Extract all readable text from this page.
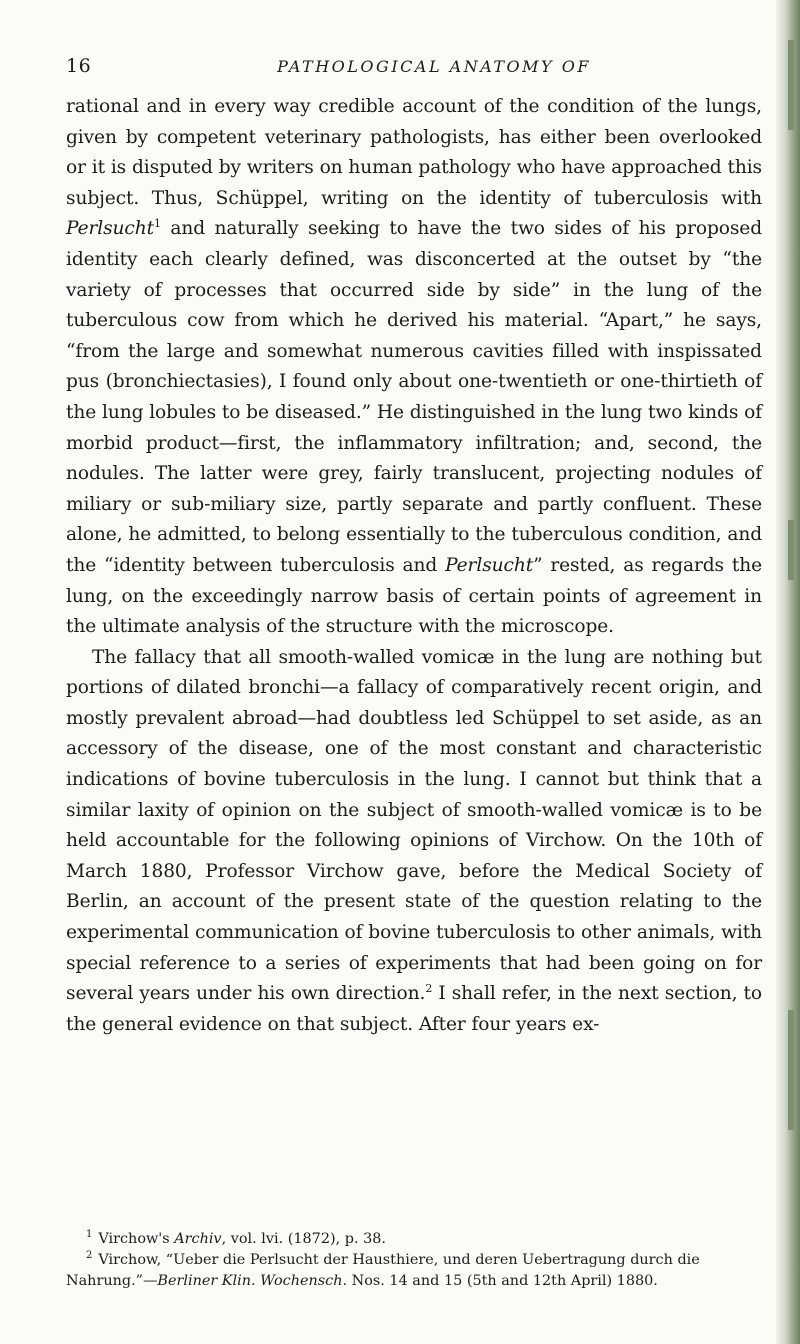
16	PATHOLOGICAL ANATOMY OF

rational and in every way credible account of the condition of the lungs, given by competent veterinary pathologists, has either been overlooked or it is disputed by writers on human pathology who have approached this subject. Thus, Schüppel, writing on the identity of tuberculosis with Perlsucht$^1$ and naturally seeking to have the two sides of his proposed identity each clearly defined, was disconcerted at the outset by “the variety of processes that occurred side by side” in the lung of the tuberculous cow from which he derived his material. “Apart,” he says, “from the large and somewhat numerous cavities filled with inspissated pus (bronchiectasies), I found only about one-twentieth or one-thirtieth of the lung lobules to be diseased.” He distinguished in the lung two kinds of morbid product—first, the inflammatory infiltration; and, second, the nodules. The latter were grey, fairly translucent, projecting nodules of miliary or sub-miliary size, partly separate and partly confluent. These alone, he admitted, to belong essentially to the tuberculous condition, and the “identity between tuberculosis and Perlsucht” rested, as regards the lung, on the exceedingly narrow basis of certain points of agreement in the ultimate analysis of the structure with the microscope.

The fallacy that all smooth-walled vomicæ in the lung are nothing but portions of dilated bronchi—a fallacy of comparatively recent origin, and mostly prevalent abroad—had doubtless led Schüppel to set aside, as an accessory of the disease, one of the most constant and characteristic indications of bovine tuberculosis in the lung. I cannot but think that a similar laxity of opinion on the subject of smooth-walled vomicæ is to be held accountable for the following opinions of Virchow. On the 10th of March 1880, Professor Virchow gave, before the Medical Society of Berlin, an account of the present state of the question relating to the experimental communication of bovine tuberculosis to other animals, with special reference to a series of experiments that had been going on for several years under his own direction.$^2$ I shall refer, in the next section, to the general evidence on that subject. After four years ex-

$^1$ Virchow's Archiv, vol. lvi. (1872), p. 38.

$^2$ Virchow, “Ueber die Perlsucht der Hausthiere, und deren Uebertragung durch die Nahrung.”—Berliner Klin. Wochensch. Nos. 14 and 15 (5th and 12th April) 1880.
